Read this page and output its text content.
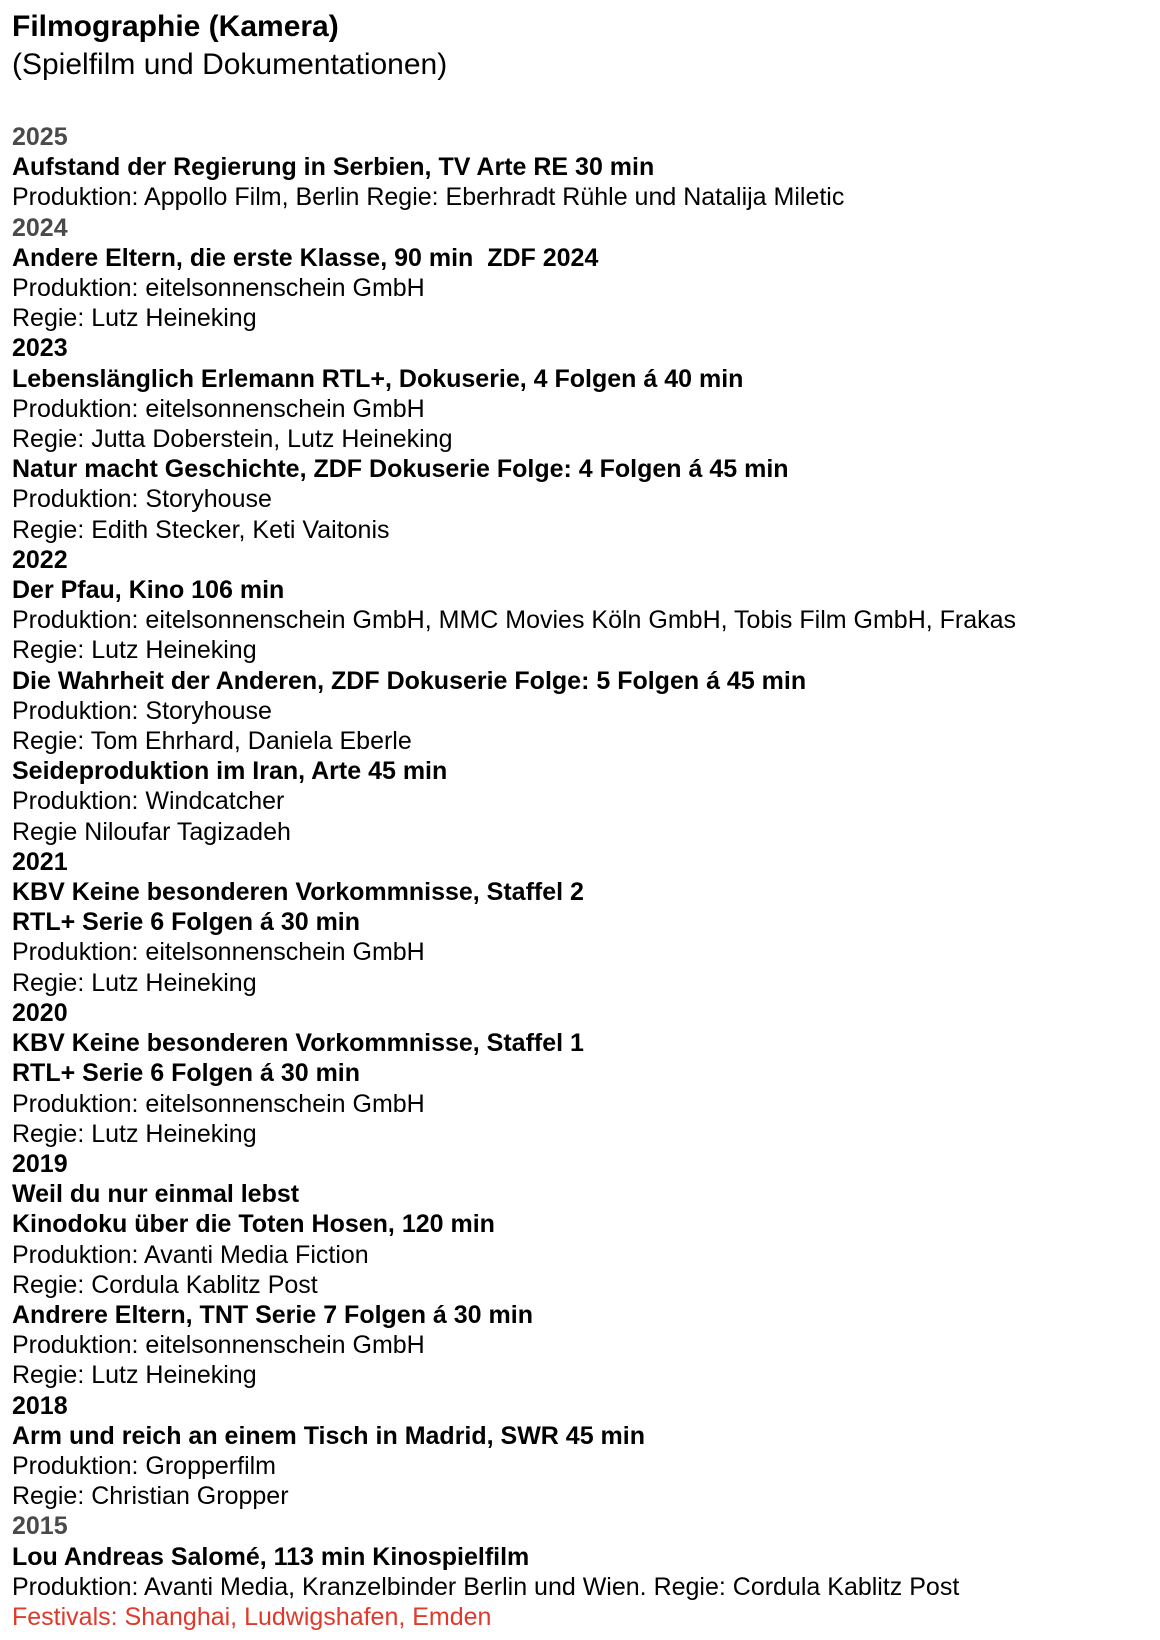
Filmographie (Kamera)
(Spielfilm und Dokumentationen)
2025
Aufstand der Regierung in Serbien, TV Arte RE 30 min
Produktion: Appollo Film, Berlin Regie: Eberhradt Rühle und Natalija Miletic
2024
Andere Eltern, die erste Klasse, 90 min  ZDF 2024
Produktion: eitelsonnenschein GmbH
Regie: Lutz Heineking
2023
Lebenslänglich Erlemann RTL+, Dokuserie, 4 Folgen á 40 min
Produktion: eitelsonnenschein GmbH
Regie: Jutta Doberstein, Lutz Heineking
Natur macht Geschichte, ZDF Dokuserie Folge: 4 Folgen á 45 min
Produktion: Storyhouse
Regie: Edith Stecker, Keti Vaitonis
2022
Der Pfau, Kino 106 min
Produktion: eitelsonnenschein GmbH, MMC Movies Köln GmbH, Tobis Film GmbH, Frakas
Regie: Lutz Heineking
Die Wahrheit der Anderen, ZDF Dokuserie Folge: 5 Folgen á 45 min
Produktion: Storyhouse
Regie: Tom Ehrhard, Daniela Eberle
Seideproduktion im Iran, Arte 45 min
Produktion: Windcatcher
Regie Niloufar Tagizadeh
2021
KBV Keine besonderen Vorkommnisse, Staffel 2
RTL+ Serie 6 Folgen á 30 min
Produktion: eitelsonnenschein GmbH
Regie: Lutz Heineking
2020
KBV Keine besonderen Vorkommnisse, Staffel 1
RTL+ Serie 6 Folgen á 30 min
Produktion: eitelsonnenschein GmbH
Regie: Lutz Heineking
2019
Weil du nur einmal lebst
Kinodoku über die Toten Hosen, 120 min
Produktion: Avanti Media Fiction
Regie: Cordula Kablitz Post
Andrere Eltern, TNT Serie 7 Folgen á 30 min
Produktion: eitelsonnenschein GmbH
Regie: Lutz Heineking
2018
Arm und reich an einem Tisch in Madrid, SWR 45 min
Produktion: Gropperfilm
Regie: Christian Gropper
2015
Lou Andreas Salomé, 113 min Kinospielfilm
Produktion: Avanti Media, Kranzelbinder Berlin und Wien. Regie: Cordula Kablitz Post
Festivals: Shanghai, Ludwigshafen, Emden
